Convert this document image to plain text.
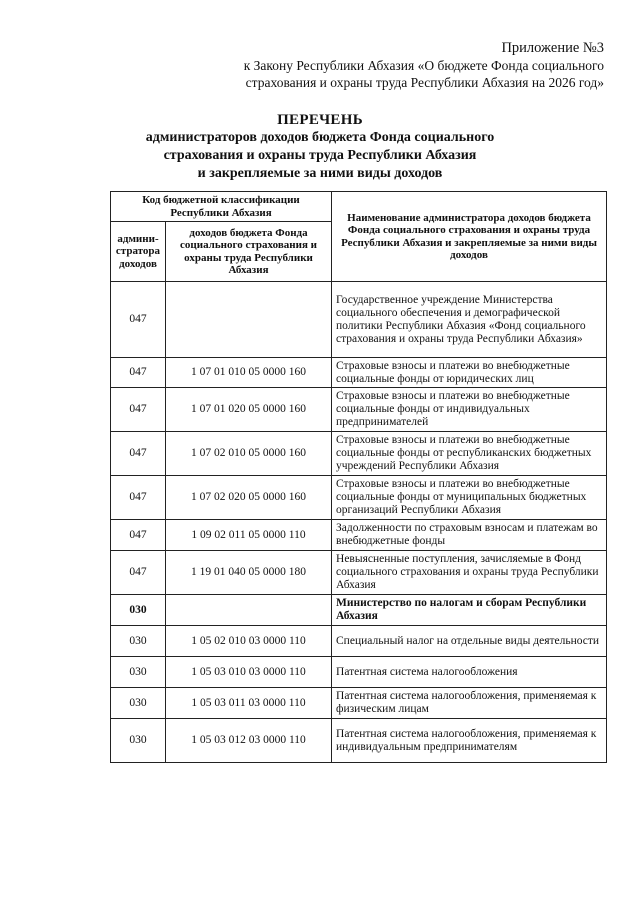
Приложение №3
к Закону Республики Абхазия «О бюджете Фонда социального
страхования и охраны труда Республики Абхазия на 2026 год»
ПЕРЕЧЕНЬ
администраторов доходов бюджета Фонда социального
страхования и охраны труда Республики Абхазия
и закрепляемые за ними виды доходов
Код бюджетной классификации Республики Абхазия		Наименование администратора доходов бюджета Фонда социального страхования и охраны труда Республики Абхазия и закрепляемые за ними виды доходов
админи-стратора доходов	доходов бюджета Фонда социального страхования и охраны труда Республики Абхазия	
047		Государственное учреждение Министерства социального обеспечения и демографической политики Республики Абхазия «Фонд социального страхования и охраны труда Республики Абхазия»
047	1 07 01 010 05 0000 160	Страховые взносы и платежи во внебюджетные социальные фонды от юридических лиц
047	1 07 01 020 05 0000 160	Страховые взносы и платежи во внебюджетные социальные фонды от индивидуальных предпринимателей
047	1 07 02 010 05 0000 160	Страховые взносы и платежи во внебюджетные социальные фонды от республиканских бюджетных учреждений Республики Абхазия
047	1 07 02 020 05 0000 160	Страховые взносы и платежи во внебюджетные социальные фонды от муниципальных бюджетных организаций Республики Абхазия
047	1 09 02 011 05 0000 110	Задолженности по страховым взносам и платежам во внебюджетные фонды
047	1 19 01 040 05 0000 180	Невыясненные поступления, зачисляемые в Фонд социального страхования и охраны труда Республики Абхазия
030		Министерство по налогам и сборам Республики Абхазия
030	1 05 02 010 03 0000 110	Специальный налог на отдельные виды деятельности
030	1 05 03 010 03 0000 110	Патентная система налогообложения
030	1 05 03 011 03 0000 110	Патентная система налогообложения, применяемая к физическим лицам
030	1 05 03 012 03 0000 110	Патентная система налогообложения, применяемая к индивидуальным предпринимателям
